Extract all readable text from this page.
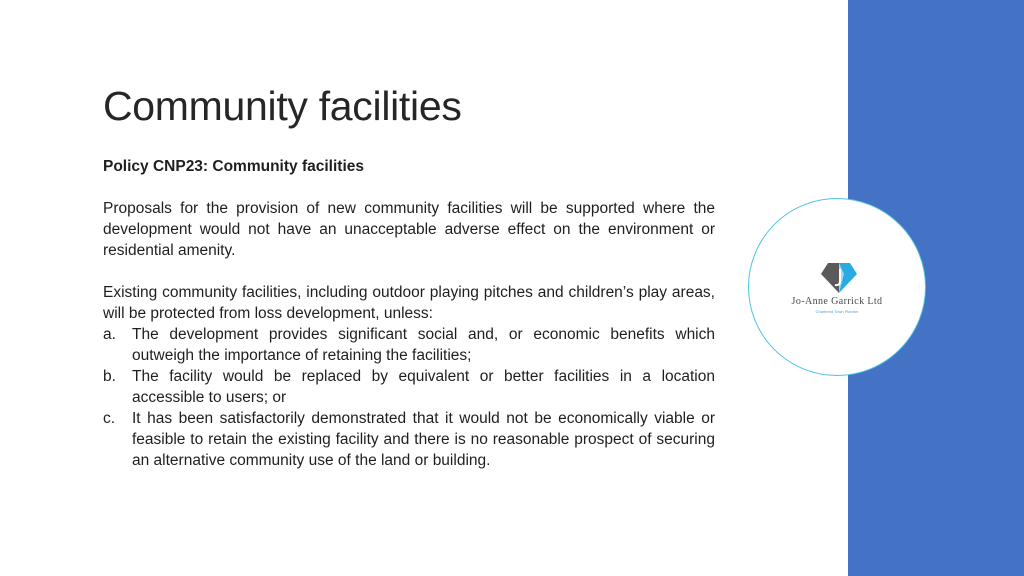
Community facilities

Policy CNP23: Community facilities

Proposals for the provision of new community facilities will be supported where the development would not have an unacceptable adverse effect on the environment or residential amenity.

Existing community facilities, including outdoor playing pitches and children’s play areas, will be protected from loss development, unless:

a. The development provides significant social and, or economic benefits which outweigh the importance of retaining the facilities;
b. The facility would be replaced by equivalent or better facilities in a location accessible to users; or
c. It has been satisfactorily demonstrated that it would not be economically viable or feasible to retain the existing facility and there is no reasonable prospect of securing an alternative community use of the land or building.
Jo-Anne Garrick Ltd
Chartered Town Planner
